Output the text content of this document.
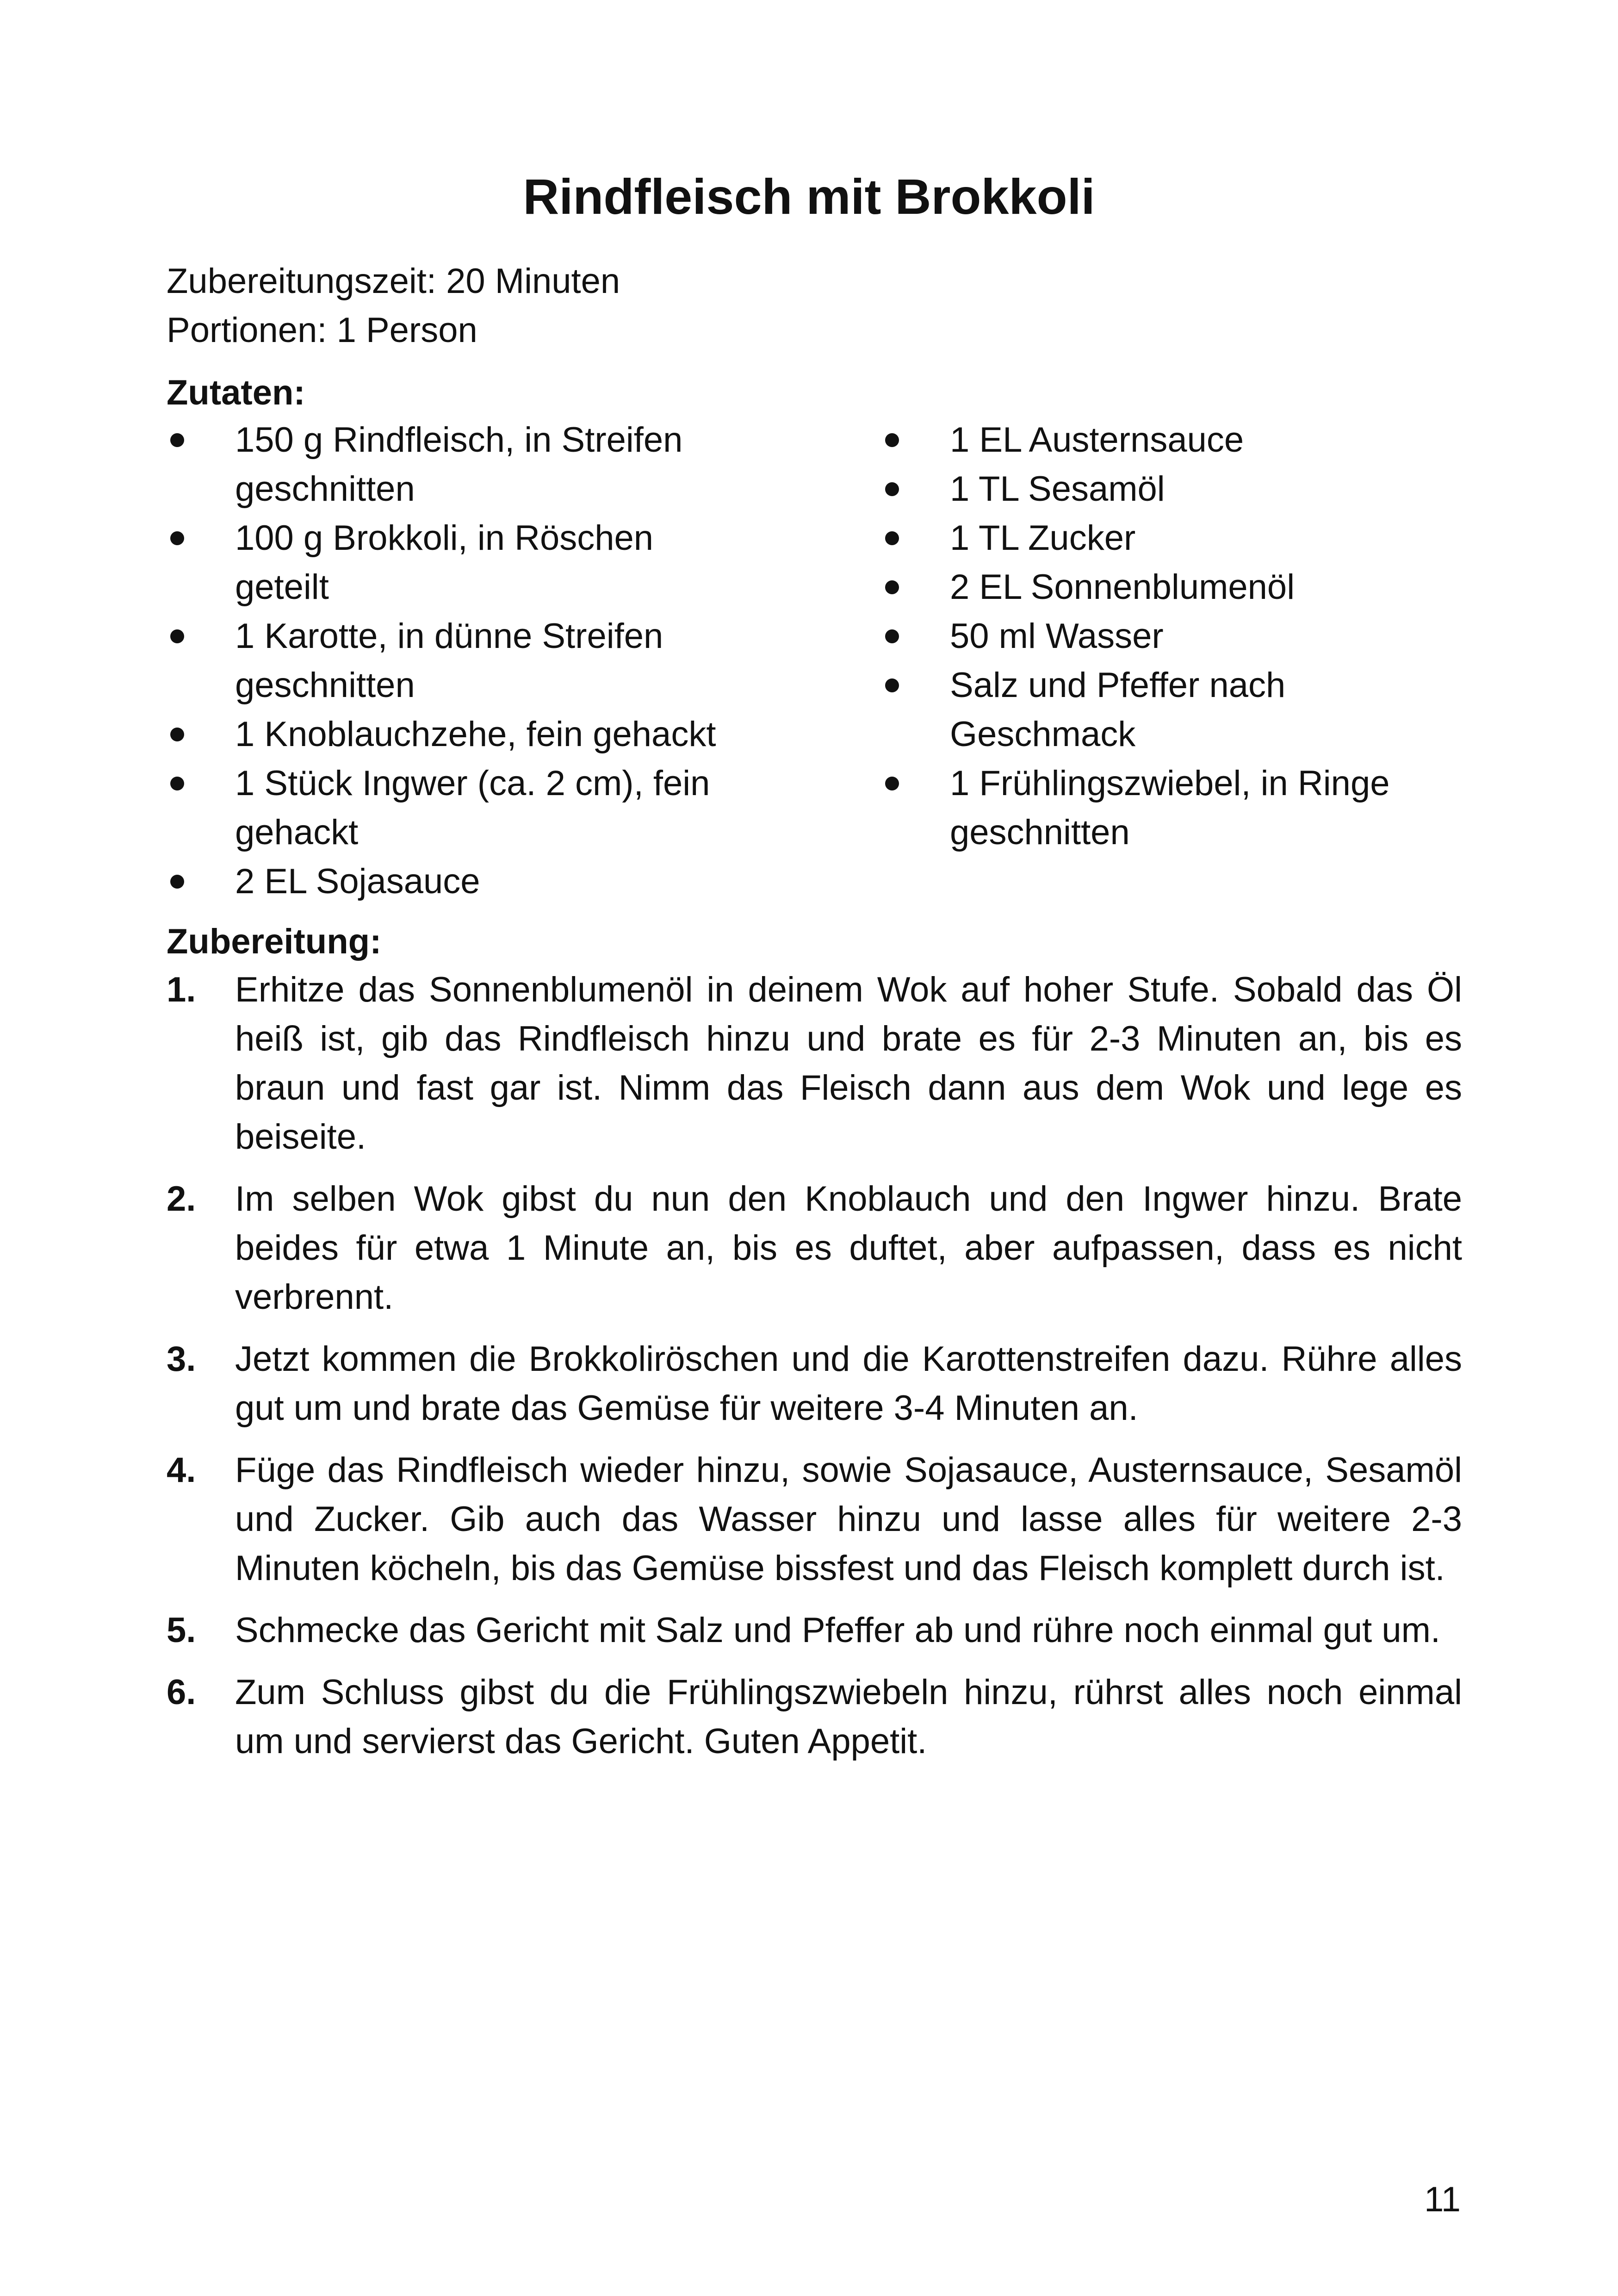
Rindfleisch mit Brokkoli
Zubereitungszeit: 20 Minuten
Portionen: 1 Person
Zutaten:
150 g Rindfleisch, in Streifen geschnitten
100 g Brokkoli, in Röschen geteilt
1 Karotte, in dünne Streifen geschnitten
1 Knoblauchzehe, fein gehackt
1 Stück Ingwer (ca. 2 cm), fein gehackt
2 EL Sojasauce
1 EL Austernsauce
1 TL Sesamöl
1 TL Zucker
2 EL Sonnenblumenöl
50 ml Wasser
Salz und Pfeffer nach Geschmack
1 Frühlingszwiebel, in Ringe geschnitten
Zubereitung:
1. Erhitze das Sonnenblumenöl in deinem Wok auf hoher Stufe. Sobald das Öl heiß ist, gib das Rindfleisch hinzu und brate es für 2-3 Minuten an, bis es braun und fast gar ist. Nimm das Fleisch dann aus dem Wok und lege es beiseite.
2. Im selben Wok gibst du nun den Knoblauch und den Ingwer hinzu. Brate beides für etwa 1 Minute an, bis es duftet, aber aufpassen, dass es nicht verbrennt.
3. Jetzt kommen die Brokkoliröschen und die Karottenstreifen dazu. Rühre alles gut um und brate das Gemüse für weitere 3-4 Minuten an.
4. Füge das Rindfleisch wieder hinzu, sowie Sojasauce, Austernsauce, Sesamöl und Zucker. Gib auch das Wasser hinzu und lasse alles für weitere 2-3 Minuten köcheln, bis das Gemüse bissfest und das Fleisch komplett durch ist.
5. Schmecke das Gericht mit Salz und Pfeffer ab und rühre noch einmal gut um.
6. Zum Schluss gibst du die Frühlingszwiebeln hinzu, rührst alles noch einmal um und servierst das Gericht. Guten Appetit.
11
